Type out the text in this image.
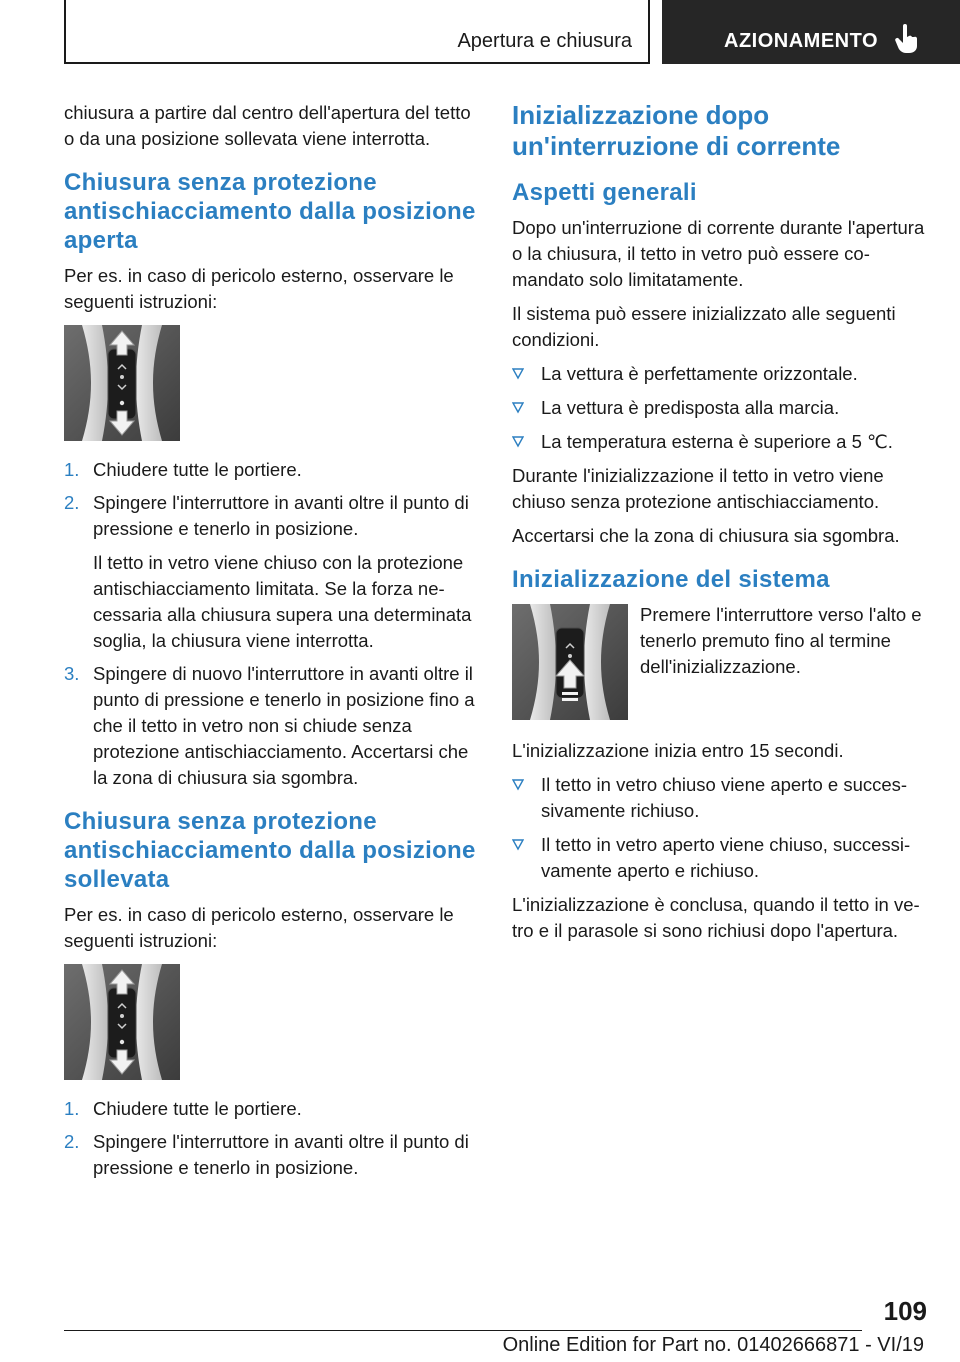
Apertura e chiusura	AZIONAMENTO

chiusura a partire dal centro dell'apertura del tetto o da una posizione sollevata viene interrotta.

Chiusura senza protezione antischiacciamento dalla posizione aperta

Per es. in caso di pericolo esterno, osservare le seguenti istruzioni:

1. Chiudere tutte le portiere.
2. Spingere l'interruttore in avanti oltre il punto di pressione e tenerlo in posizione.
Il tetto in vetro viene chiuso con la protezione antischiacciamento limitata. Se la forza necessaria alla chiusura supera una determinata soglia, la chiusura viene interrotta.
3. Spingere di nuovo l'interruttore in avanti oltre il punto di pressione e tenerlo in posizione fino a che il tetto in vetro non si chiude senza protezione antischiacciamento. Accertarsi che la zona di chiusura sia sgombra.
Chiusura senza protezione antischiacciamento dalla posizione sollevata

Per es. in caso di pericolo esterno, osservare le seguenti istruzioni:

1. Chiudere tutte le portiere.
2. Spingere l'interruttore in avanti oltre il punto di pressione e tenerlo in posizione.
Inizializzazione dopo un'interruzione di corrente
Aspetti generali

Dopo un'interruzione di corrente durante l'apertura o la chiusura, il tetto in vetro può essere comandato solo limitatamente.

Il sistema può essere inizializzato alle seguenti condizioni.

La vettura è perfettamente orizzontale.
La vettura è predisposta alla marcia.
La temperatura esterna è superiore a 5 ℃.

Durante l'inizializzazione il tetto in vetro viene chiuso senza protezione antischiacciamento.

Accertarsi che la zona di chiusura sia sgombra.

Inizializzazione del sistema

Premere l'interruttore verso l'alto e tenerlo premuto fino al termine dell'inizializzazione.

L'inizializzazione inizia entro 15 secondi.

Il tetto in vetro chiuso viene aperto e successivamente richiuso.
Il tetto in vetro aperto viene chiuso, successivamente aperto e richiuso.

L'inizializzazione è conclusa, quando il tetto in vetro e il parasole si sono richiusi dopo l'apertura.

109
Online Edition for Part no. 01402666871 - VI/19
